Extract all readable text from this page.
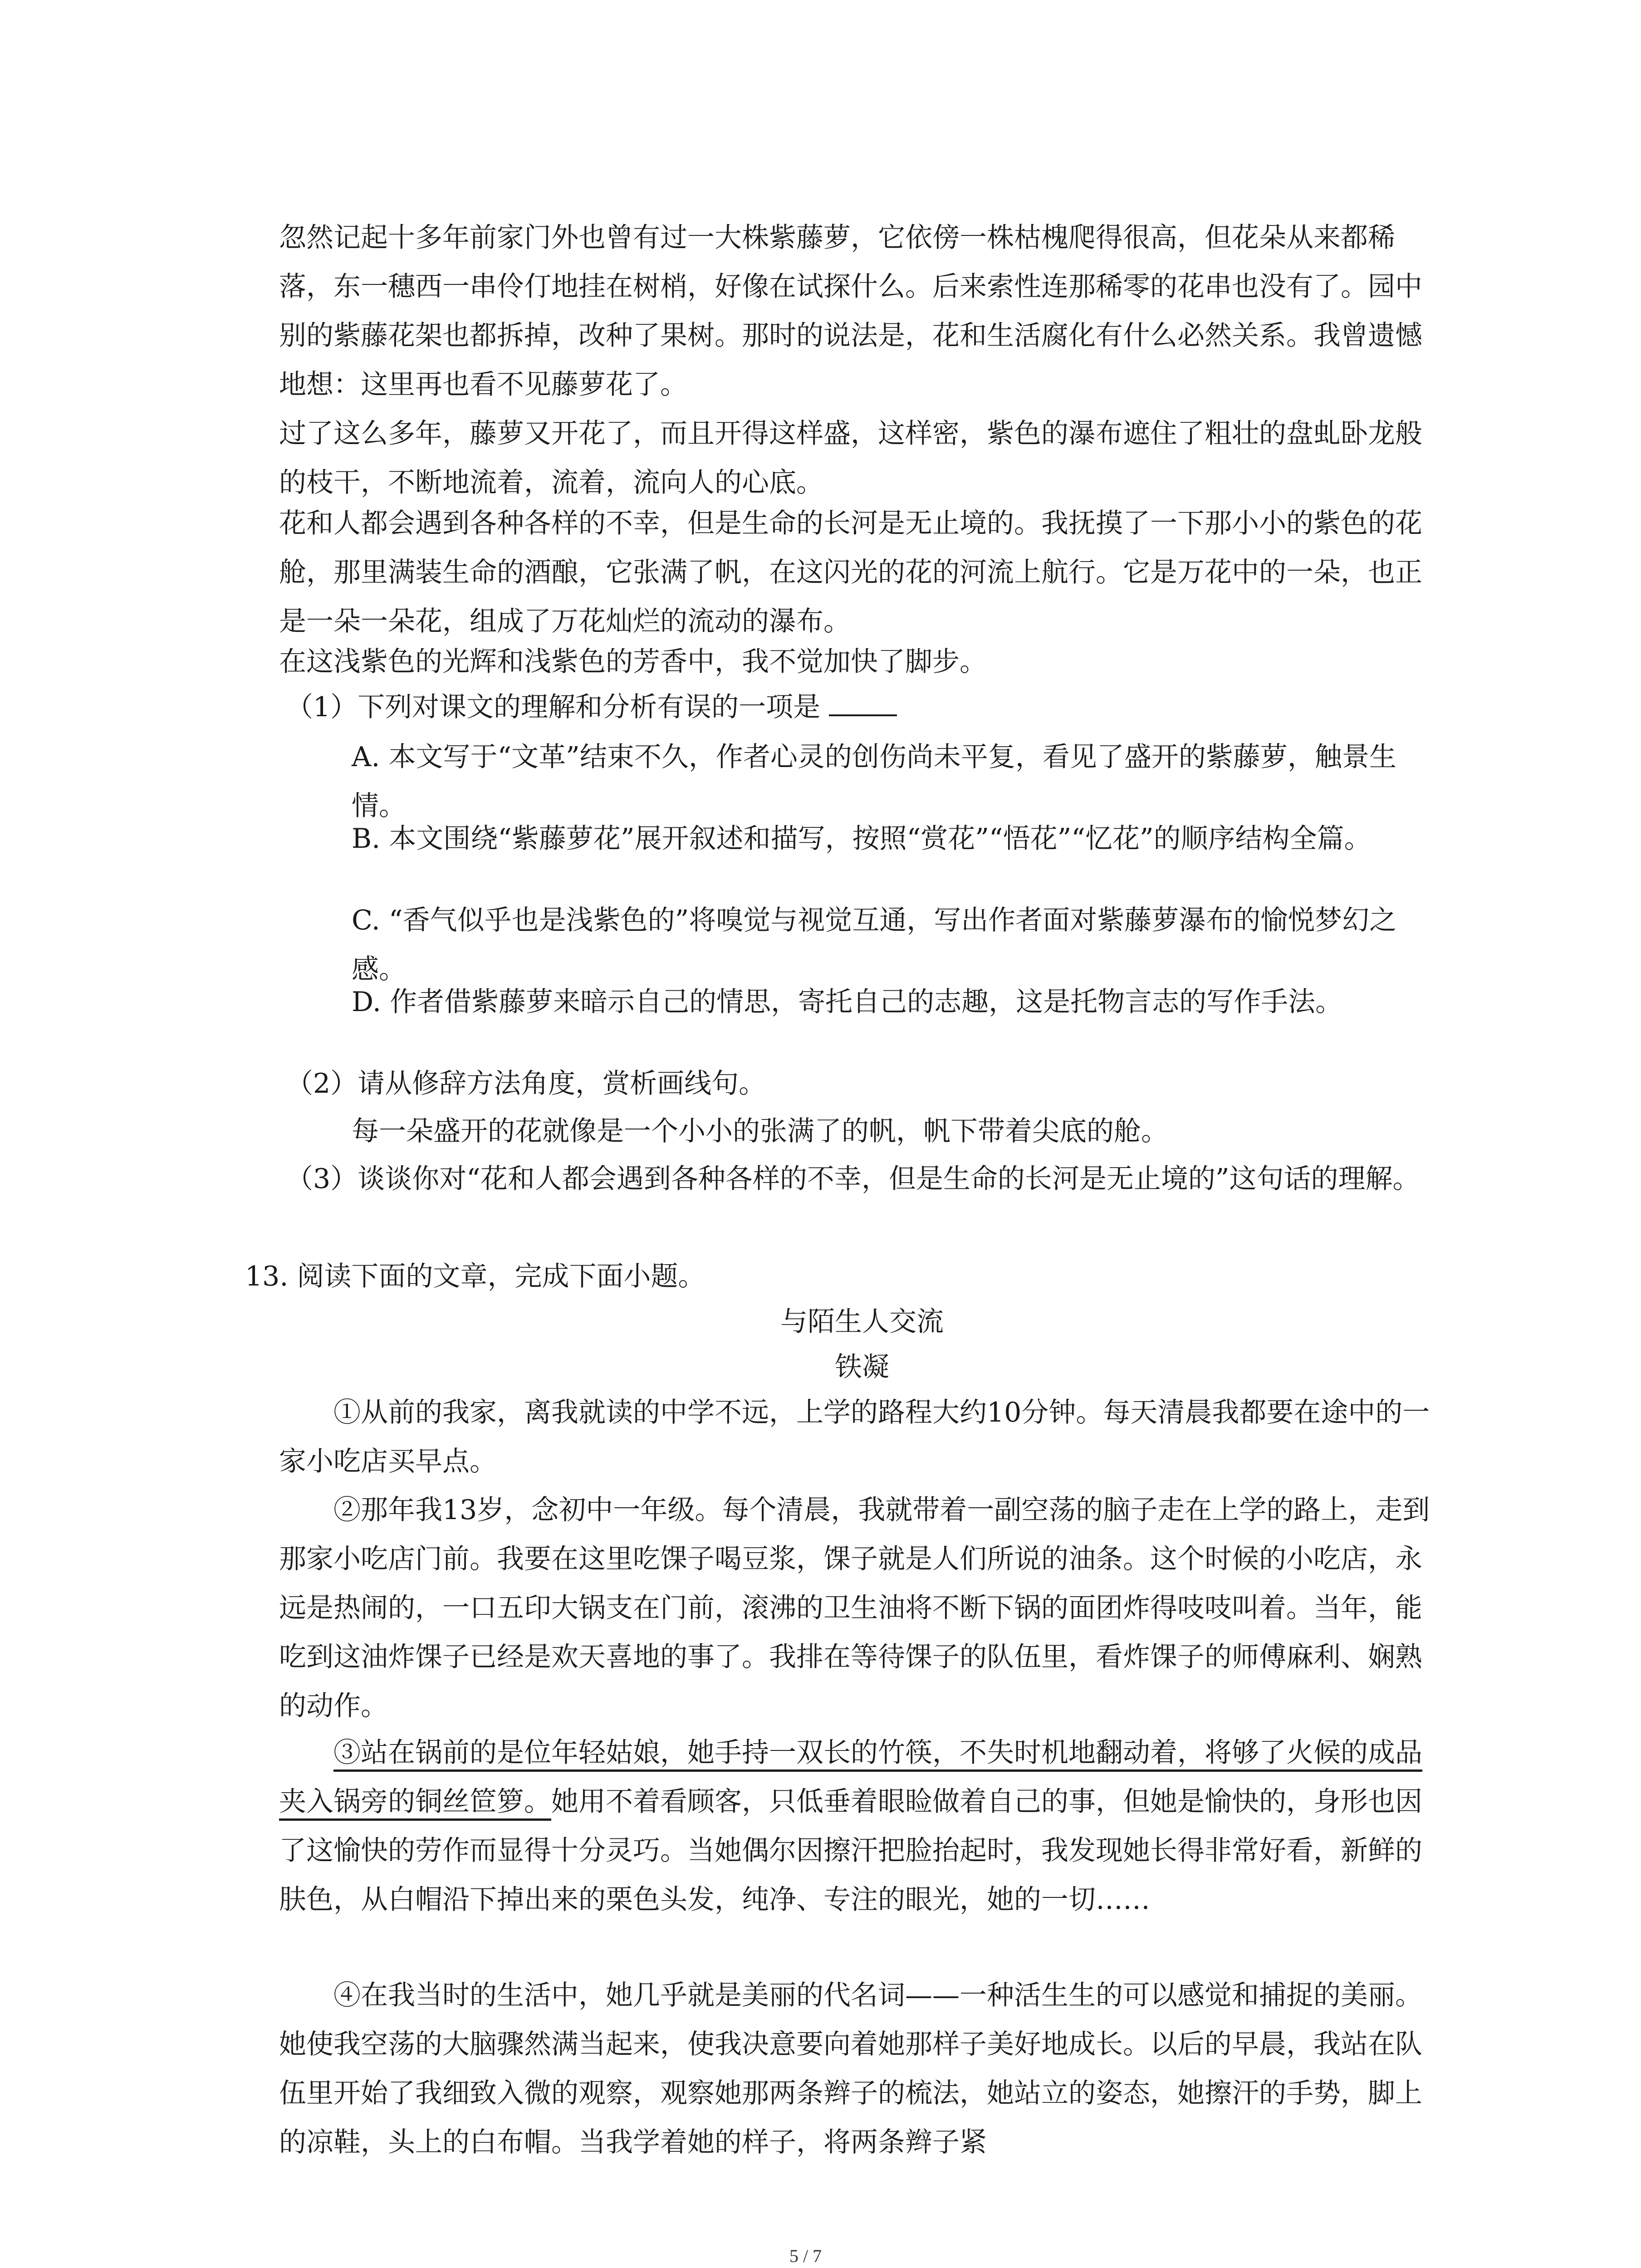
忽然记起十多年前家门外也曾有过一大株紫藤萝，它依傍一株枯槐爬得很高，但花朵从来都稀落，东一穗西一串伶仃地挂在树梢，好像在试探什么。后来索性连那稀零的花串也没有了。园中别的紫藤花架也都拆掉，改种了果树。那时的说法是，花和生活腐化有什么必然关系。我曾遗憾地想：这里再也看不见藤萝花了。

过了这么多年，藤萝又开花了，而且开得这样盛，这样密，紫色的瀑布遮住了粗壮的盘虬卧龙般的枝干，不断地流着，流着，流向人的心底。

花和人都会遇到各种各样的不幸，但是生命的长河是无止境的。我抚摸了一下那小小的紫色的花舱，那里满装生命的酒酿，它张满了帆，在这闪光的花的河流上航行。它是万花中的一朵，也正是一朵一朵花，组成了万花灿烂的流动的瀑布。

在这浅紫色的光辉和浅紫色的芳香中，我不觉加快了脚步。

（1）下列对课文的理解和分析有误的一项是

A. 本文写于“文革”结束不久，作者心灵的创伤尚未平复，看见了盛开的紫藤萝，触景生情。

B. 本文围绕“紫藤萝花”展开叙述和描写，按照“赏花”“悟花”“忆花”的顺序结构全篇。

C. “香气似乎也是浅紫色的”将嗅觉与视觉互通，写出作者面对紫藤萝瀑布的愉悦梦幻之感。

D. 作者借紫藤萝来暗示自己的情思，寄托自己的志趣，这是托物言志的写作手法。

（2）请从修辞方法角度，赏析画线句。

每一朵盛开的花就像是一个小小的张满了的帆，帆下带着尖底的舱。

（3）谈谈你对“花和人都会遇到各种各样的不幸，但是生命的长河是无止境的”这句话的理解。

13. 阅读下面的文章，完成下面小题。

与陌生人交流

铁凝

①从前的我家，离我就读的中学不远，上学的路程大约10分钟。每天清晨我都要在途中的一家小吃店买早点。

②那年我13岁，念初中一年级。每个清晨，我就带着一副空荡的脑子走在上学的路上，走到那家小吃店门前。我要在这里吃馃子喝豆浆，馃子就是人们所说的油条。这个时候的小吃店，永远是热闹的，一口五印大锅支在门前，滚沸的卫生油将不断下锅的面团炸得吱吱叫着。当年，能吃到这油炸馃子已经是欢天喜地的事了。我排在等待馃子的队伍里，看炸馃子的师傅麻利、娴熟的动作。

③站在锅前的是位年轻姑娘，她手持一双长的竹筷，不失时机地翻动着，将够了火候的成品夹入锅旁的铜丝笸箩。她用不着看顾客，只低垂着眼睑做着自己的事，但她是愉快的，身形也因了这愉快的劳作而显得十分灵巧。当她偶尔因擦汗把脸抬起时，我发现她长得非常好看，新鲜的肤色，从白帽沿下掉出来的栗色头发，纯净、专注的眼光，她的一切……

④在我当时的生活中，她几乎就是美丽的代名词——一种活生生的可以感觉和捕捉的美丽。她使我空荡的大脑骤然满当起来，使我决意要向着她那样子美好地成长。以后的早晨，我站在队伍里开始了我细致入微的观察，观察她那两条辫子的梳法，她站立的姿态，她擦汗的手势，脚上的凉鞋，头上的白布帽。当我学着她的样子，将两条辫子紧

5 / 7
